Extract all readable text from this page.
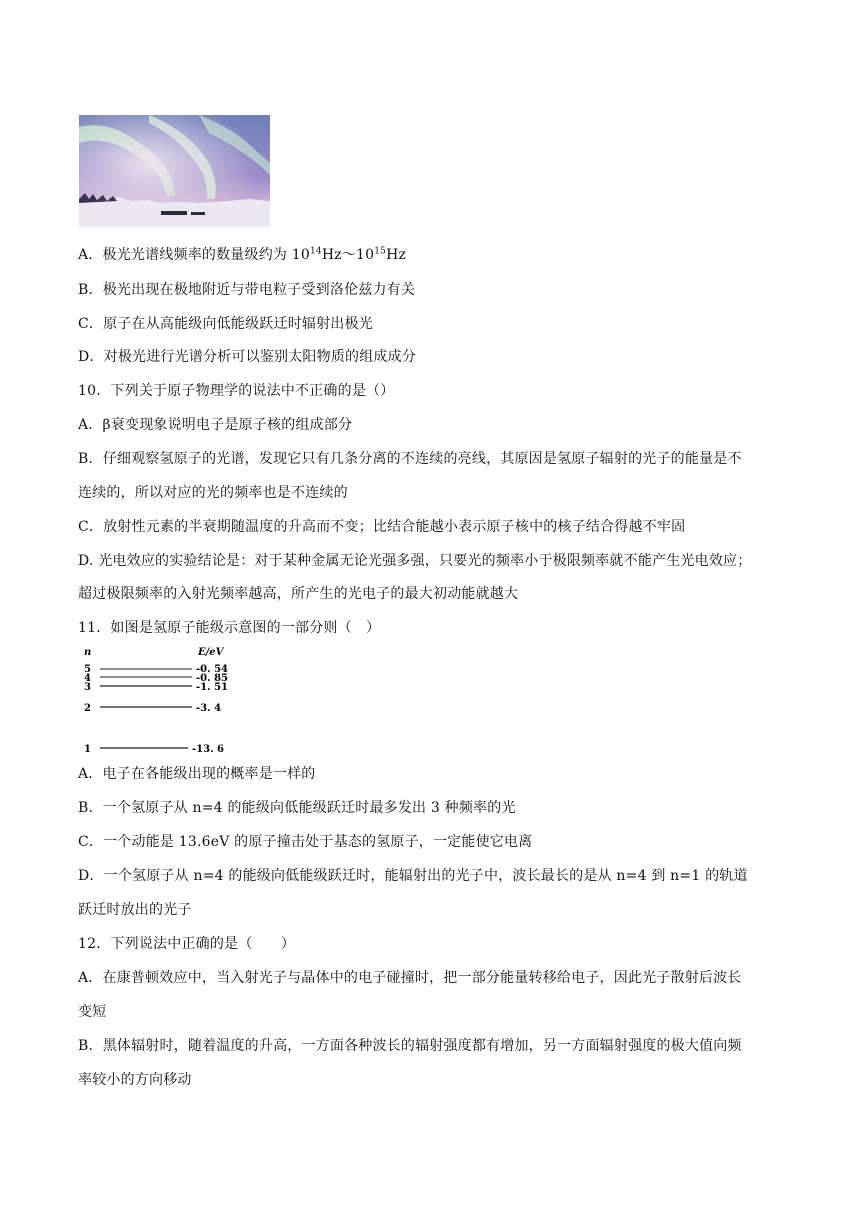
A．极光光谱线频率的数量级约为 $10^{14}Hz\sim 10^{15}Hz$
B．极光出现在极地附近与带电粒子受到洛伦兹力有关
C．原子在从高能级向低能级跃迁时辐射出极光
D．对极光进行光谱分析可以鉴别太阳物质的组成成分
10．下列关于原子物理学的说法中不正确的是（）
A．β衰变现象说明电子是原子核的组成部分
B．仔细观察氢原子的光谱，发现它只有几条分离的不连续的亮线，其原因是氢原子辐射的光子的能量是不
连续的，所以对应的光的频率也是不连续的
C．放射性元素的半衰期随温度的升高而不变；比结合能越小表示原子核中的核子结合得越不牢固
D. 光电效应的实验结论是：对于某种金属无论光强多强，只要光的频率小于极限频率就不能产生光电效应；
超过极限频率的入射光频率越高，所产生的光电子的最大初动能就越大
11．如图是氢原子能级示意图的一部分则（　）
n	E/eV
5	-0. 54
4	-0. 85
3	-1. 51
2	-3. 4
1	-13. 6
A．电子在各能级出现的概率是一样的
B．一个氢原子从 n=4 的能级向低能级跃迁时最多发出 3 种频率的光
C．一个动能是 13.6eV 的原子撞击处于基态的氢原子，一定能使它电离
D．一个氢原子从 n=4 的能级向低能级跃迁时，能辐射出的光子中，波长最长的是从 n=4 到 n=1 的轨道
跃迁时放出的光子
12．下列说法中正确的是（　　）
A．在康普顿效应中，当入射光子与晶体中的电子碰撞时，把一部分能量转移给电子，因此光子散射后波长
变短
B．黑体辐射时，随着温度的升高，一方面各种波长的辐射强度都有增加，另一方面辐射强度的极大值向频
率较小的方向移动
